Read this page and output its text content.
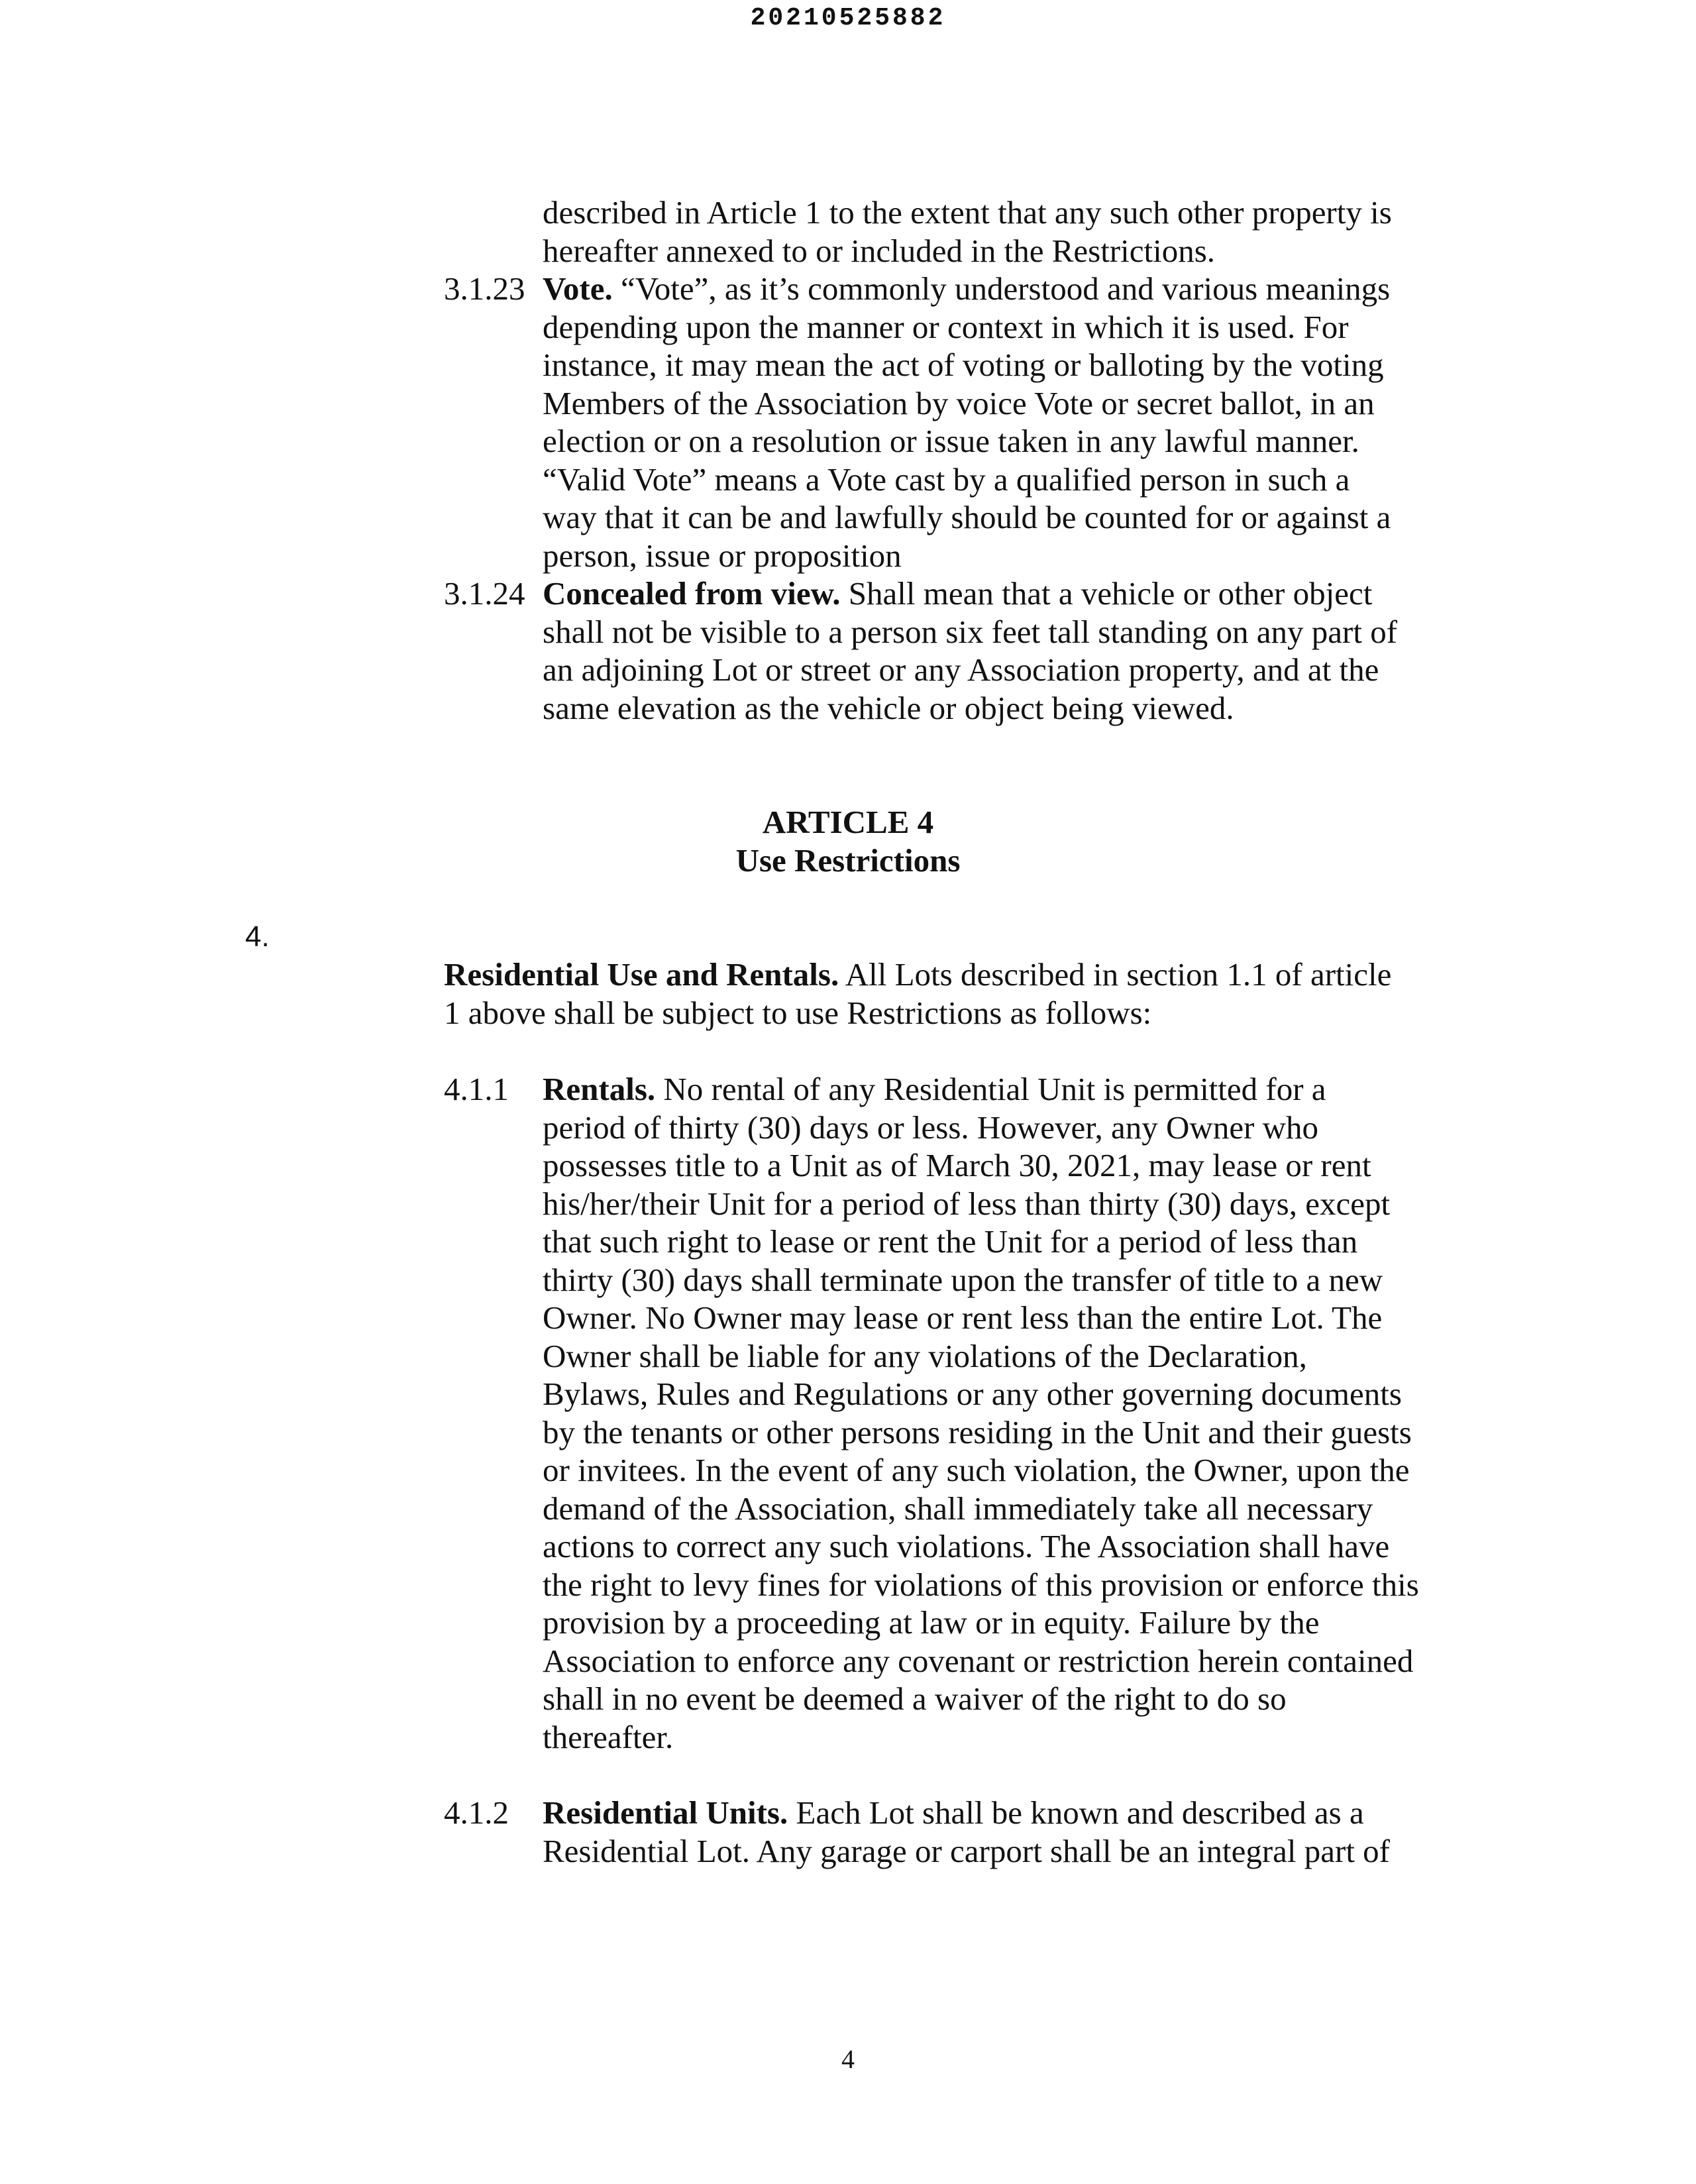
20210525882
described in Article 1 to the extent that any such other property is
hereafter annexed to or included in the Restrictions.
3.1.23 Vote. “Vote”, as it’s commonly understood and various meanings
depending upon the manner or context in which it is used. For
instance, it may mean the act of voting or balloting by the voting
Members of the Association by voice Vote or secret ballot, in an
election or on a resolution or issue taken in any lawful manner.
“Valid Vote” means a Vote cast by a qualified person in such a
way that it can be and lawfully should be counted for or against a
person, issue or proposition
3.1.24 Concealed from view. Shall mean that a vehicle or other object
shall not be visible to a person six feet tall standing on any part of
an adjoining Lot or street or any Association property, and at the
same elevation as the vehicle or object being viewed.
ARTICLE 4
Use Restrictions
4.
Residential Use and Rentals. All Lots described in section 1.1 of article
1 above shall be subject to use Restrictions as follows:
4.1.1 Rentals. No rental of any Residential Unit is permitted for a
period of thirty (30) days or less. However, any Owner who
possesses title to a Unit as of March 30, 2021, may lease or rent
his/her/their Unit for a period of less than thirty (30) days, except
that such right to lease or rent the Unit for a period of less than
thirty (30) days shall terminate upon the transfer of title to a new
Owner. No Owner may lease or rent less than the entire Lot. The
Owner shall be liable for any violations of the Declaration,
Bylaws, Rules and Regulations or any other governing documents
by the tenants or other persons residing in the Unit and their guests
or invitees. In the event of any such violation, the Owner, upon the
demand of the Association, shall immediately take all necessary
actions to correct any such violations. The Association shall have
the right to levy fines for violations of this provision or enforce this
provision by a proceeding at law or in equity. Failure by the
Association to enforce any covenant or restriction herein contained
shall in no event be deemed a waiver of the right to do so
thereafter.
4.1.2 Residential Units. Each Lot shall be known and described as a
Residential Lot. Any garage or carport shall be an integral part of
4
